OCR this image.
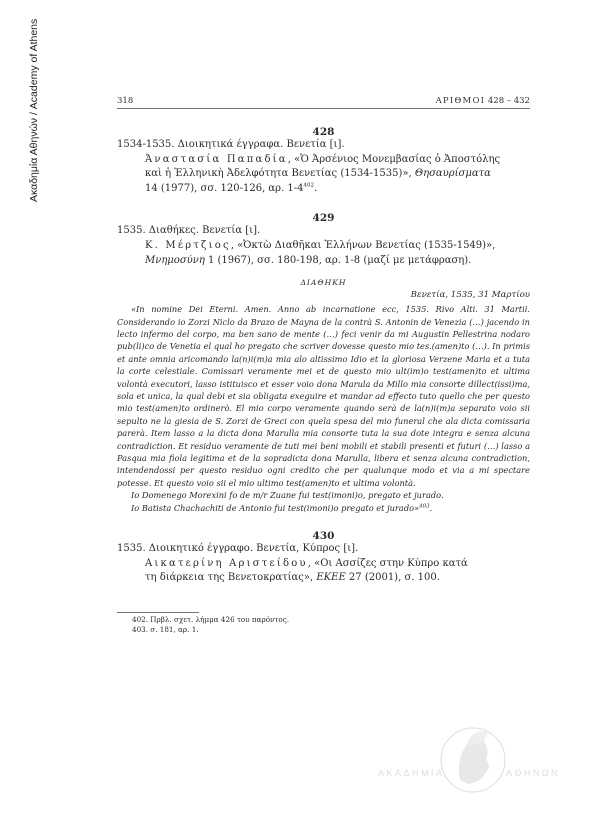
Ακαδημία Αθηνών / Academy of Athens	318	ΑΡΙΘΜΟΙ 428 – 432
428

1534-1535. Διοικητικά έγγραφα. Βενετία [ι].

Ἀναστασία Παπαδία, «Ὁ Ἀρσένιος Μονεμβασίας ὁ Ἀποστόλης

καὶ ἡ Ἑλληνικὴ Ἀδελφότητα Βενετίας (1534-1535)», Θησαυρίσματα

14 (1977), σσ. 120-126, αρ. $1-4^{402}$.

429

1535. Διαθήκες. Βενετία [ι].

Κ. Μέρτζιος, «Ὀκτὼ Διαθῆκαι Ἑλλήνων Βενετίας (1535-1549)»,

Μνημοσύνη 1 (1967), σσ. 180-198, αρ. 1-8 (μαζί με μετάφραση).

ΔΙΑΘΗΚΗ
Βενετία, 1535, 31 Μαρτίου

«In nomine Dei Eterni. Amen. Anno ab incarnatione ecc, 1535. Rivo Alti. 31 Martii. Considerando io Zorzi Niclo da Brazo de Mayna de la contrà S. Antonin de Venezia (…) jacendo in lecto infermo del corpo, ma ben sano de mente (…) feci venir da mi Augustin Pellestrina nodaro pub(li)co de Venetia el qual ho pregato che scriver dovesse questo mio tes.(amen)to (…). In primis et ante omnia aricomando la(n)i(m)a mia alo altissimo Idio et la gloriosa Verzene Maria et a tuta la corte celestiale. Comissari veramente mei et de questo mio ult(im)o test(amen)to et ultima volontà executori, lasso istituisco et esser voio dona Marula da Millo mia consorte dillect(issi)ma, sola et unica, la qual debi et sia obligata exeguire et mandar ad effecto tuto quello che per questo mio test(amen)to ordinerò. El mio corpo veramente quando serà de la(n)i(m)a separato voio sii sepulto ne la giesia de S. Zorzi de Greci con quela spesa del mio funeral che ala dicta comissaria parerà. Item lasso a la dicta dona Marulla mia consorte tuta la sua dote integra e senza alcuna contradiction. Et residuo veramente de tuti mei beni mobili et stabili presenti et futuri (…) lasso a Pasqua mia fiola legitima et de la sopradicta dona Marulla, libera et senza alcuna contradiction, intendendossi per questo residuo ogni credito che per qualunque modo et via a mi spectare potesse. Et questo voio sii el mio ultimo test(amen)to et ultima volontà.

Io Domenego Morexini fo de m/r Zuane fui test(imoni)o, pregato et jurado.

Io Batista Chachachiti de Antonio fui test(imoni)o pregato et jurado»$^{403}$.

430

1535. Διοικητικό έγγραφο. Βενετία, Κύπρος [ι].

Αικατερίνη Αριστείδου, «Οι Ασσίζες στην Κύπρο κατά

τη διάρκεια της Βενετοκρατίας», ΕΚΕΕ 27 (2001), σ. 100.

402. Πρβλ. σχετ. λήμμα 426 του παρόντος.
403. σ. 181, αρ. 1.
ΑΚΑΔΗΜΙΑ	ΑΘΗΝΩΝ
